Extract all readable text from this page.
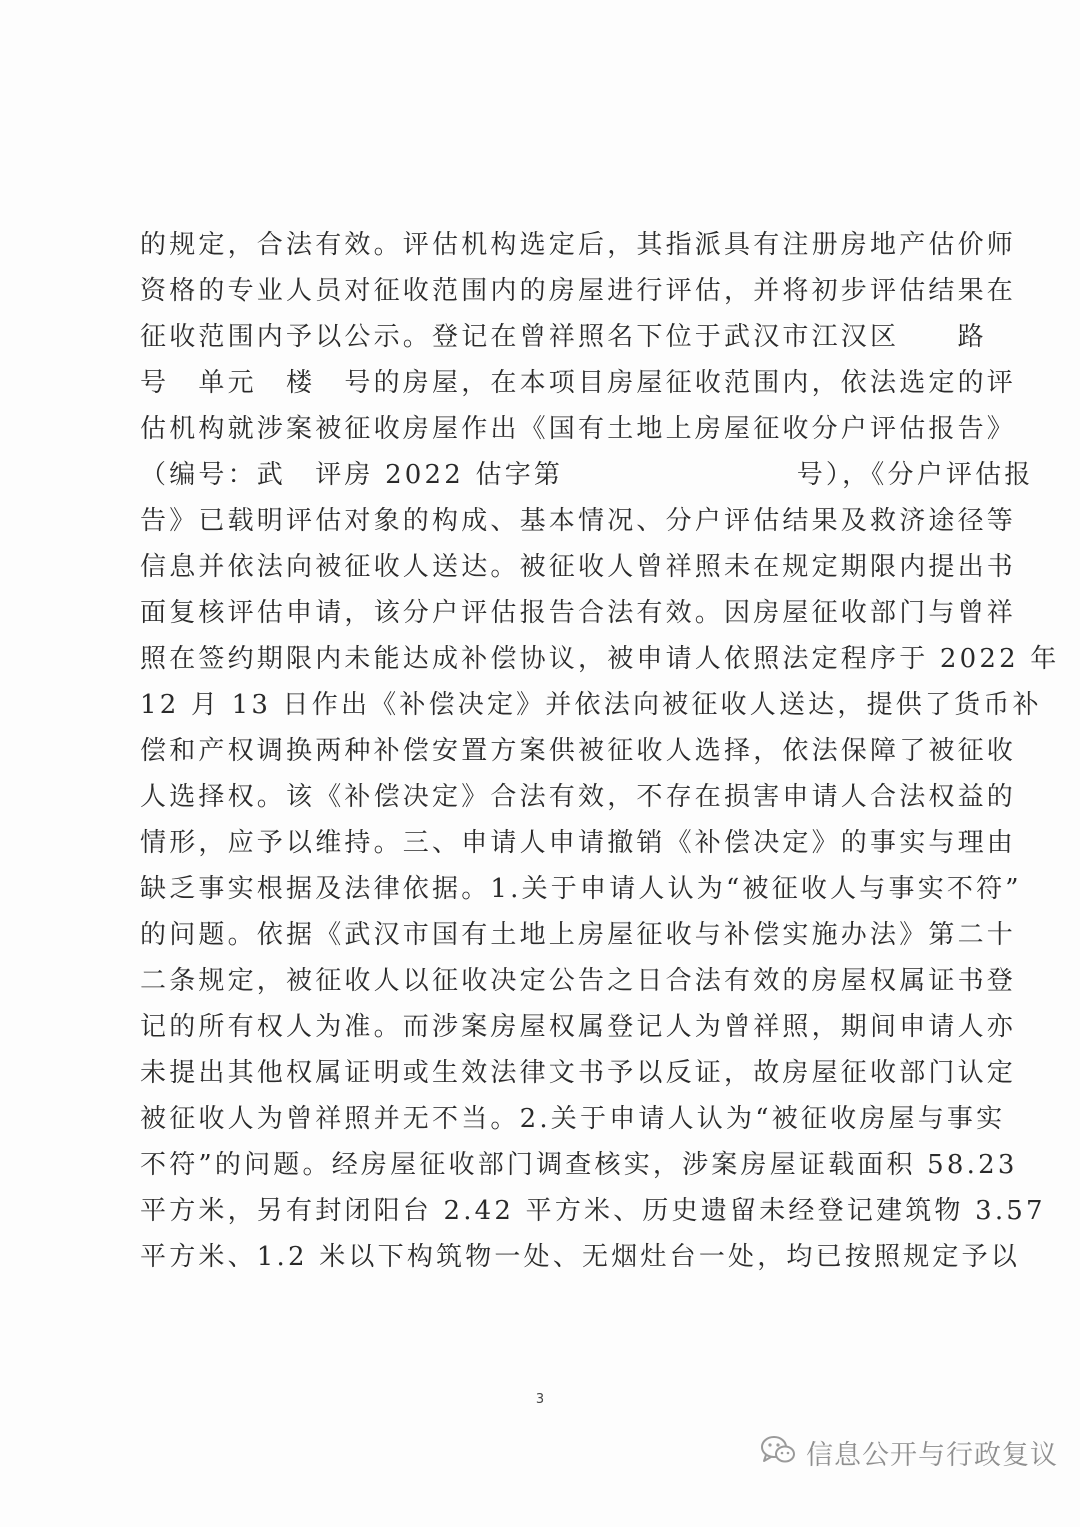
的规定，合法有效。评估机构选定后，其指派具有注册房地产估价师
资格的专业人员对征收范围内的房屋进行评估，并将初步评估结果在
征收范围内予以公示。登记在曾祥照名下位于武汉市江汉区　　路
号　单元　楼　号的房屋，在本项目房屋征收范围内，依法选定的评
估机构就涉案被征收房屋作出《国有土地上房屋征收分户评估报告》
（编号：武　评房 2022 估字第　　　　　　　　号），《分户评估报
告》已载明评估对象的构成、基本情况、分户评估结果及救济途径等
信息并依法向被征收人送达。被征收人曾祥照未在规定期限内提出书
面复核评估申请，该分户评估报告合法有效。因房屋征收部门与曾祥
照在签约期限内未能达成补偿协议，被申请人依照法定程序于 2022 年
12 月 13 日作出《补偿决定》并依法向被征收人送达，提供了货币补
偿和产权调换两种补偿安置方案供被征收人选择，依法保障了被征收
人选择权。该《补偿决定》合法有效，不存在损害申请人合法权益的
情形，应予以维持。三、申请人申请撤销《补偿决定》的事实与理由
缺乏事实根据及法律依据。1.关于申请人认为“被征收人与事实不符”
的问题。依据《武汉市国有土地上房屋征收与补偿实施办法》第二十
二条规定，被征收人以征收决定公告之日合法有效的房屋权属证书登
记的所有权人为准。而涉案房屋权属登记人为曾祥照，期间申请人亦
未提出其他权属证明或生效法律文书予以反证，故房屋征收部门认定
被征收人为曾祥照并无不当。2.关于申请人认为“被征收房屋与事实
不符”的问题。经房屋征收部门调查核实，涉案房屋证载面积 58.23
平方米，另有封闭阳台 2.42 平方米、历史遗留未经登记建筑物 3.57
平方米、1.2 米以下构筑物一处、无烟灶台一处，均已按照规定予以
3
信息公开与行政复议
